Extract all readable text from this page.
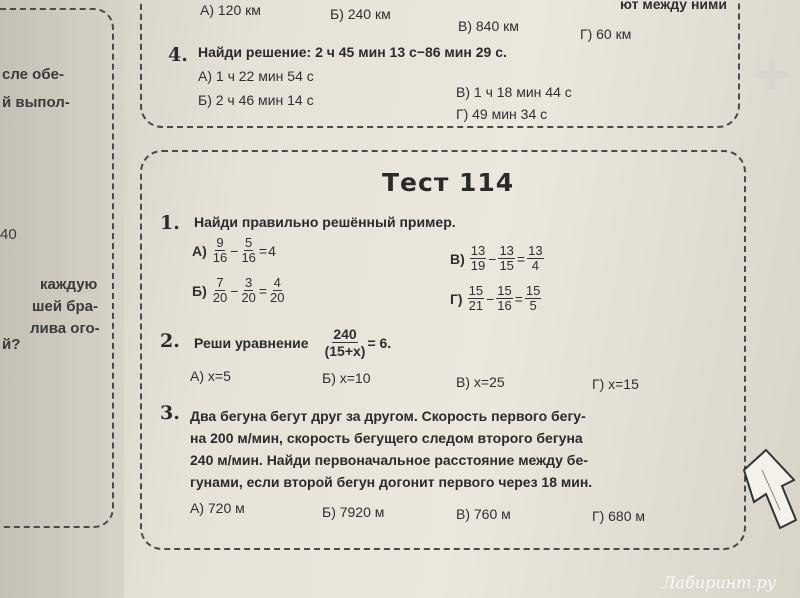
сле обе-
й выпол-
40
каждую
шей бра-
лива ого-
й?
+
А) 120 км	Б) 240 км
В) 840 км	Г) 60 км
ют между ними
4. Найди решение: 2 ч 45 мин 13 с−86 мин 29 с.
А) 1 ч 22 мин 54 с
Б) 2 ч 46 мин 14 с	В) 1 ч 18 мин 44 с
Г) 49 мин 34 с
Тест 114
1. Найди правильно решённый пример.
$А) \frac{9}{16} - \frac{5}{16} = 4$
$Б) \frac{7}{20} - \frac{3}{20} = \frac{4}{20}$
$В) \frac{13}{19} - \frac{13}{15} = \frac{13}{4}$
$Г) \frac{15}{21} - \frac{15}{16} = \frac{15}{5}$
2. Реши уравнение $\frac{240}{(15+x)} = 6$.
А) x=5	Б) x=10	В) x=25	Г) x=15
3. Два бегуна бегут друг за другом. Скорость первого бегу-
на 200 м/мин, скорость бегущего следом второго бегуна
240 м/мин. Найди первоначальное расстояние между бе-
гунами, если второй бегун догонит первого через 18 мин.
А) 720 м	Б) 7920 м	В) 760 м	Г) 680 м
Лабиринт.ру
